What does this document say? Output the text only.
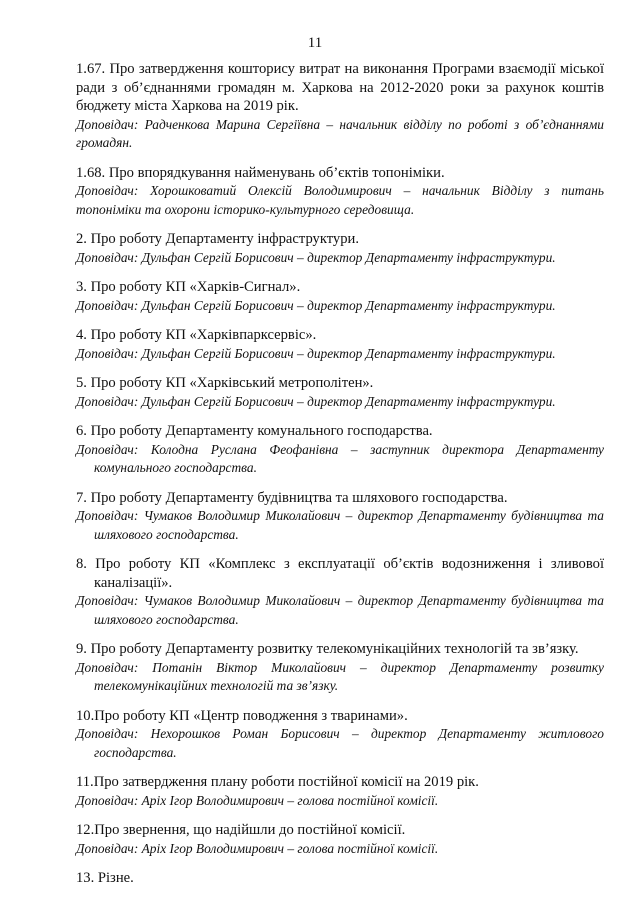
11
1.67. Про затвердження кошторису витрат на виконання Програми взаємодії міської ради з об’єднаннями громадян м. Харкова на 2012-2020 роки за рахунок коштів бюджету міста Харкова на 2019 рік.
Доповідач: Радченкова Марина Сергіївна – начальник відділу по роботі з об’єднаннями громадян.
1.68. Про впорядкування найменувань об’єктів топоніміки.
Доповідач: Хорошковатий Олексій Володимирович – начальник Відділу з питань топоніміки та охорони історико-культурного середовища.
2. Про роботу Департаменту інфраструктури.
Доповідач: Дульфан Сергій Борисович – директор Департаменту інфраструктури.
3. Про роботу КП «Харків-Сигнал».
Доповідач: Дульфан Сергій Борисович – директор Департаменту інфраструктури.
4. Про роботу КП «Харківпарксервіс».
Доповідач: Дульфан Сергій Борисович – директор Департаменту інфраструктури.
5. Про роботу КП «Харківський метрополітен».
Доповідач: Дульфан Сергій Борисович – директор Департаменту інфраструктури.
6. Про роботу Департаменту комунального господарства.
Доповідач: Колодна Руслана Феофанівна – заступник директора Департаменту комунального господарства.
7. Про роботу Департаменту будівництва та шляхового господарства.
Доповідач: Чумаков Володимир Миколайович – директор Департаменту будівництва та шляхового господарства.
8. Про роботу КП «Комплекс з експлуатації об’єктів водозниження і зливової каналізації».
Доповідач: Чумаков Володимир Миколайович – директор Департаменту будівництва та шляхового господарства.
9. Про роботу Департаменту розвитку телекомунікаційних технологій та зв’язку.
Доповідач: Потанін Віктор Миколайович – директор Департаменту розвитку телекомунікаційних технологій та зв’язку.
10.Про роботу КП «Центр поводження з тваринами».
Доповідач: Нехорошков Роман Борисович – директор Департаменту житлового господарства.
11.Про затвердження плану роботи постійної комісії на 2019 рік.
Доповідач: Аріх Ігор Володимирович – голова постійної комісії.
12.Про звернення, що надійшли до постійної комісії.
Доповідач: Аріх Ігор Володимирович – голова постійної комісії.
13. Різне.
